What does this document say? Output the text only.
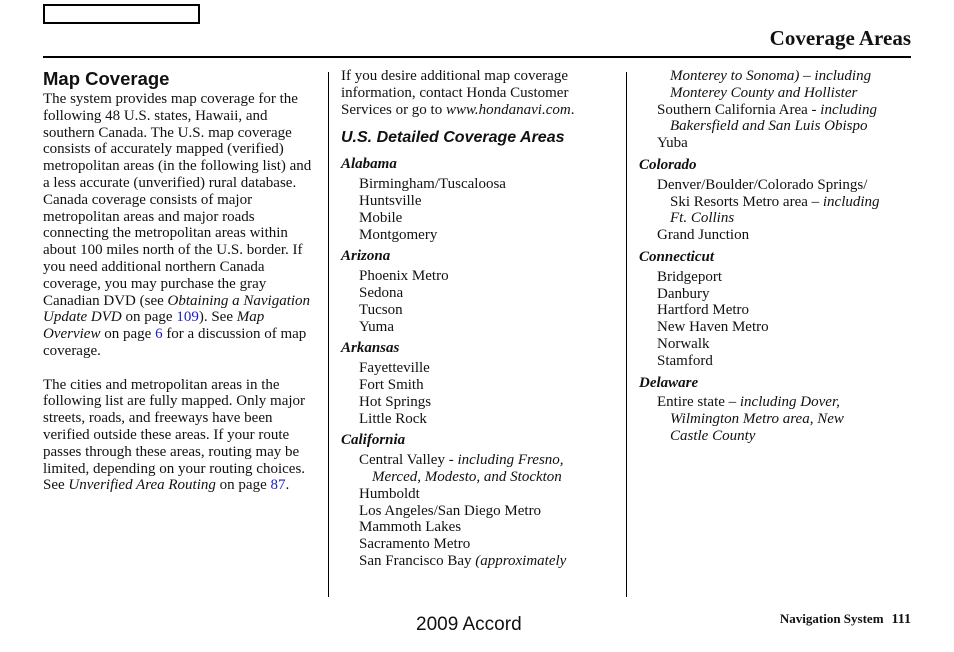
Coverage Areas
Map Coverage

The system provides map coverage for the following 48 U.S. states, Hawaii, and southern Canada. The U.S. map coverage consists of accurately mapped (verified) metropolitan areas (in the following list) and a less accurate (unverified) rural database. Canada coverage consists of major metropolitan areas and major roads connecting the metropolitan areas within about 100 miles north of the U.S. border. If you need additional northern Canada coverage, you may purchase the gray Canadian DVD (see Obtaining a Navigation Update DVD on page 109). See Map Overview on page 6 for a discussion of map coverage.

The cities and metropolitan areas in the following list are fully mapped. Only major streets, roads, and freeways have been verified outside these areas. If your route passes through these areas, routing may be limited, depending on your routing choices. See Unverified Area Routing on page 87.

If you desire additional map coverage information, contact Honda Customer Services or go to www.hondanavi.com.

U.S. Detailed Coverage Areas
Alabama
Birmingham/Tuscaloosa
Huntsville
Mobile
Montgomery
Arizona
Phoenix Metro
Sedona
Tucson
Yuma
Arkansas
Fayetteville
Fort Smith
Hot Springs
Little Rock
California
Central Valley - including Fresno,
Merced, Modesto, and Stockton
Humboldt
Los Angeles/San Diego Metro
Mammoth Lakes
Sacramento Metro
San Francisco Bay (approximately
Monterey to Sonoma) – including
Monterey County and Hollister
Southern California Area - including
Bakersfield and San Luis Obispo
Yuba
Colorado
Denver/Boulder/Colorado Springs/
Ski Resorts Metro area – including
Ft. Collins
Grand Junction
Connecticut
Bridgeport
Danbury
Hartford Metro
New Haven Metro
Norwalk
Stamford
Delaware
Entire state – including Dover,
Wilmington Metro area, New
Castle County
2009 Accord	Navigation System 111
